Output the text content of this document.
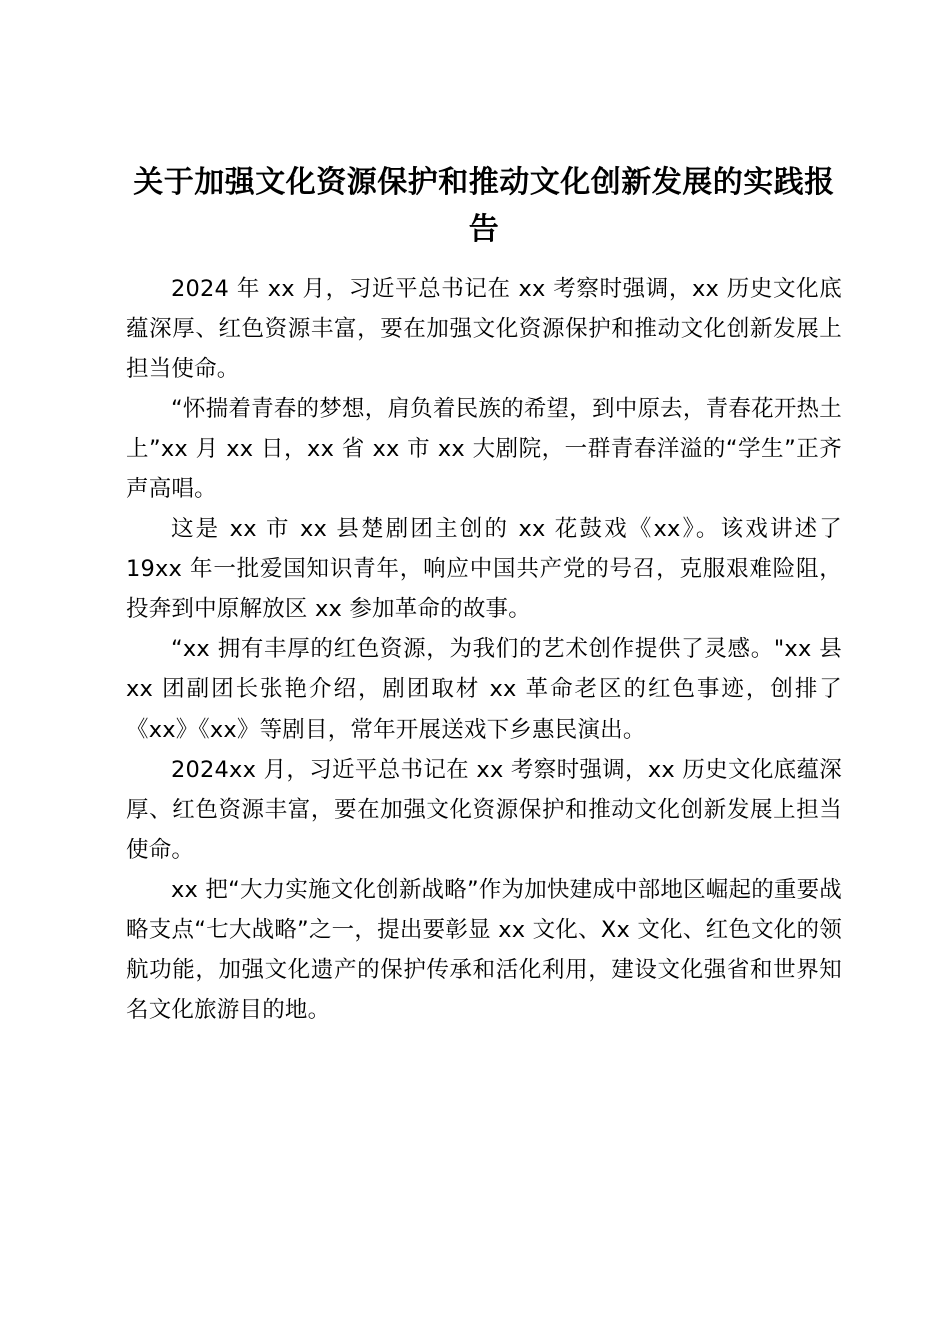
关于加强文化资源保护和推动文化创新发展的实践报告

2024 年 xx 月，习近平总书记在 xx 考察时强调，xx 历史文化底蕴深厚、红色资源丰富，要在加强文化资源保护和推动文化创新发展上担当使命。

“怀揣着青春的梦想，肩负着民族的希望，到中原去，青春花开热土上”xx 月 xx 日，xx 省 xx 市 xx 大剧院，一群青春洋溢的“学生”正齐声高唱。

这是 xx 市 xx 县楚剧团主创的 xx 花鼓戏《xx》。该戏讲述了 19xx 年一批爱国知识青年，响应中国共产党的号召，克服艰难险阻，投奔到中原解放区 xx 参加革命的故事。

“xx 拥有丰厚的红色资源，为我们的艺术创作提供了灵感。"xx 县 xx 团副团长张艳介绍，剧团取材 xx 革命老区的红色事迹，创排了《xx》《xx》等剧目，常年开展送戏下乡惠民演出。

2024xx 月，习近平总书记在 xx 考察时强调，xx 历史文化底蕴深厚、红色资源丰富，要在加强文化资源保护和推动文化创新发展上担当使命。

xx 把“大力实施文化创新战略”作为加快建成中部地区崛起的重要战略支点“七大战略”之一，提出要彰显 xx 文化、Xx 文化、红色文化的领航功能，加强文化遗产的保护传承和活化利用，建设文化强省和世界知名文化旅游目的地。
